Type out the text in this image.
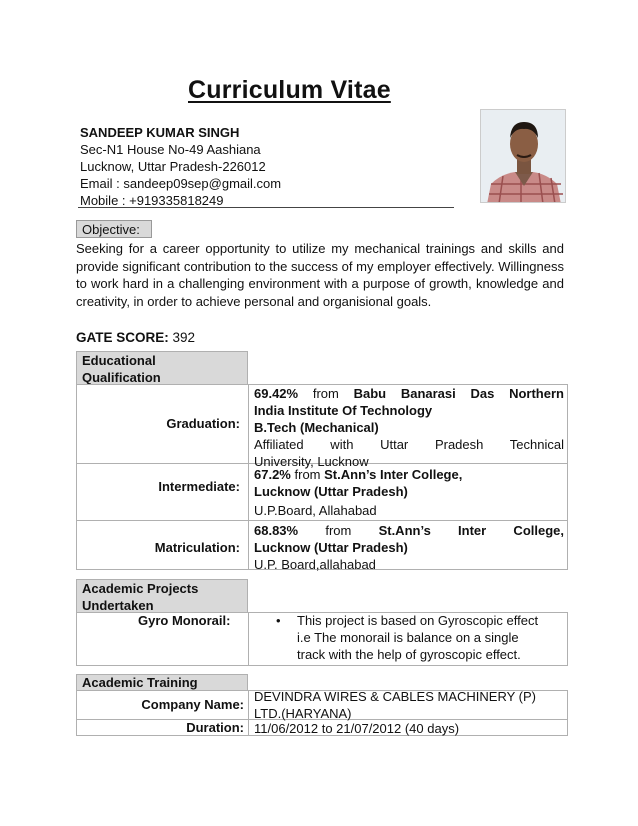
Curriculum Vitae
SANDEEP KUMAR SINGH
Sec-N1 House No-49 Aashiana
Lucknow, Uttar Pradesh-226012
Email : sandeep09sep@gmail.com
Mobile : +919335818249
Objective:
Seeking for a career opportunity to utilize my mechanical trainings and skills and provide significant contribution to the success of my employer effectively. Willingness to work hard in a challenging environment with a purpose of growth, knowledge and creativity, in order to achieve personal and organisional goals.
GATE SCORE: 392
Educational
Qualification
Graduation:
69.42% from Babu Banarasi Das Northern
India Institute Of Technology
B.Tech (Mechanical)
Affiliated with Uttar Pradesh Technical
University, Lucknow
Intermediate:
67.2% from St.Ann’s Inter College,
Lucknow (Uttar Pradesh)
U.P.Board, Allahabad
Matriculation:
68.83% from St.Ann’s Inter College,
Lucknow (Uttar Pradesh)
U.P. Board,allahabad
Academic Projects
Undertaken
Gyro Monorail:	• This project is based on Gyroscopic effect
i.e The monorail is balance on a single
track with the help of gyroscopic effect.
Academic Training
Company Name:
DEVINDRA WIRES & CABLES MACHINERY (P)
LTD.(HARYANA)
Duration: 11/06/2012 to 21/07/2012 (40 days)
